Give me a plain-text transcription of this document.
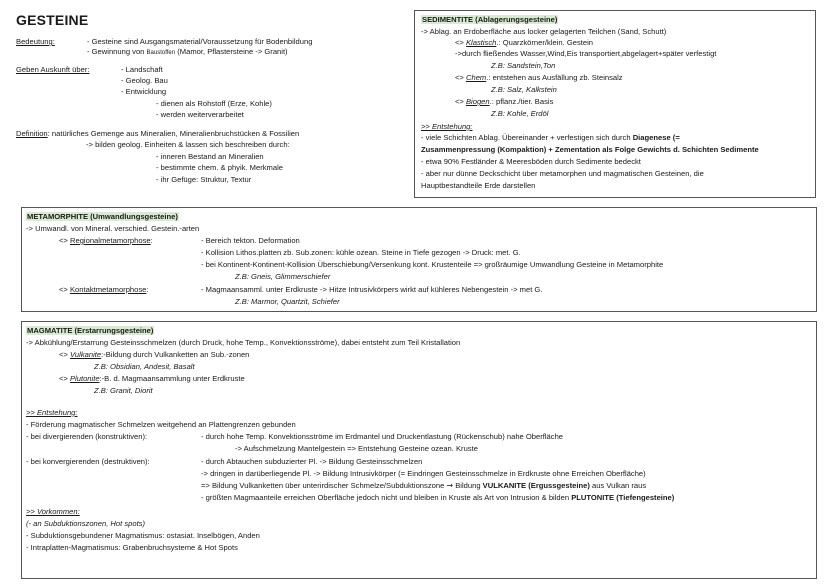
GESTEINE
Bedeutung:	- Gesteine sind Ausgangsmaterial/Voraussetzung für Bodenbildung
- Gewinnung von Baustoffen (Mamor, Pflastersteine -> Granit)
Geben Auskunft über:	- Landschaft
- Geolog. Bau
- Entwicklung
- dienen als Rohstoff (Erze, Kohle)
- werden weiterverarbeitet
Definition: natürliches Gemenge aus Mineralien, Mineralienbruchstücken & Fossilien
-> bilden geolog. Einheiten & lassen sich beschreiben durch:
- inneren Bestand an Mineralien
- bestimmte chem. & phyik. Merkmale
- ihr Gefüge: Struktur, Textur
SEDIMENTITE (Ablagerungsgesteine)
-> Ablag. an Erdoberfläche aus locker gelagerten Teilchen (Sand, Schutt)
<> Klastisch.: Quarzkörner/klein. Gestein
->durch fließendes Wasser,Wind,Eis transportiert,abgelagert+später verfestigt
Z.B: Sandstein,Ton
<> Chem.: entstehen aus Ausfällung zb. Steinsalz
Z.B: Salz, Kalkstein
<> Biogen.: pflanz./tier. Basis
Z.B: Kohle, Erdöl
>> Entstehung:
- viele Schichten Ablag. Übereinander + verfestigen sich durch Diagenese (=
Zusammenpressung (Kompaktion) + Zementation als Folge Gewichts d. Schichten Sedimente
- etwa 90% Festländer & Meeresböden durch Sedimente bedeckt
- aber nur dünne Deckschicht über metamorphen und magmatischen Gesteinen, die
Hauptbestandteile Erde darstellen
METAMORPHITE (Umwandlungsgesteine)
-> Umwandl. von Mineral. verschied. Gestein.-arten
<> Regionalmetamorphose:	- Bereich tekton. Deformation
- Kollision Lithos.platten zb. Sub.zonen: kühle ozean. Steine in Tiefe gezogen -> Druck: met. G.
- bei Kontinent-Kontinent-Kollision Überschiebung/Versenkung kont. Krustenteile => großräumige Umwandlung Gesteine in Metamorphite
Z.B: Gneis, Glimmerschiefer
<> Kontaktmetamorphose:	- Magmaansamml. unter Erdkruste -> Hitze Intrusivkörpers wirkt auf kühleres Nebengestein -> met G.
Z.B: Marmor, Quartzit, Schiefer
MAGMATITE (Erstarrungsgesteine)
-> Abkühlung/Erstarrung Gesteinsschmelzen (durch Druck, hohe Temp., Konvektionsströme), dabei entsteht zum Teil Kristallation
<> Vulkanite:-Bildung durch Vulkanketten an Sub.-zonen
Z.B: Obsidian, Andesit, Basalt
<> Plutonite:-B. d. Magmaansammlung unter Erdkruste
Z.B: Granit, Diorit
>> Entstehung:
- Förderung magmatischer Schmelzen weitgehend an Plattengrenzen gebunden
- bei divergierenden (konstruktiven):	- durch hohe Temp. Konvektionsströme im Erdmantel und Druckentlastung (Rückenschub) nahe Oberfläche
-> Aufschmelzung Mantelgestein => Entstehung Gesteine ozean. Kruste
- bei konvergierenden (destruktiven):	- durch Abtauchen subduzierter Pl. -> Bildung Gesteinsschmelzen
-> dringen in darüberliegende Pl. -> Bildung Intrusivkörper (= Eindringen Gesteinsschmelze in Erdkruste ohne Erreichen Oberfläche)
=> Bildung Vulkanketten über unterirdischer Schmelze/Subduktionszone → Bildung VULKANITE (Ergussgesteine) aus Vulkan raus
- größten Magmaanteile erreichen Oberfläche jedoch nicht und bleiben in Kruste als Art von Intrusion & bilden PLUTONITE (Tiefengesteine)
>> Vorkommen:
(- an Subduktionszonen, Hot spots)
- Subduktionsgebundener Magmatismus: ostasiat. Inselbögen, Anden
- Intraplatten-Magmatismus: Grabenbruchsysteme & Hot Spots
